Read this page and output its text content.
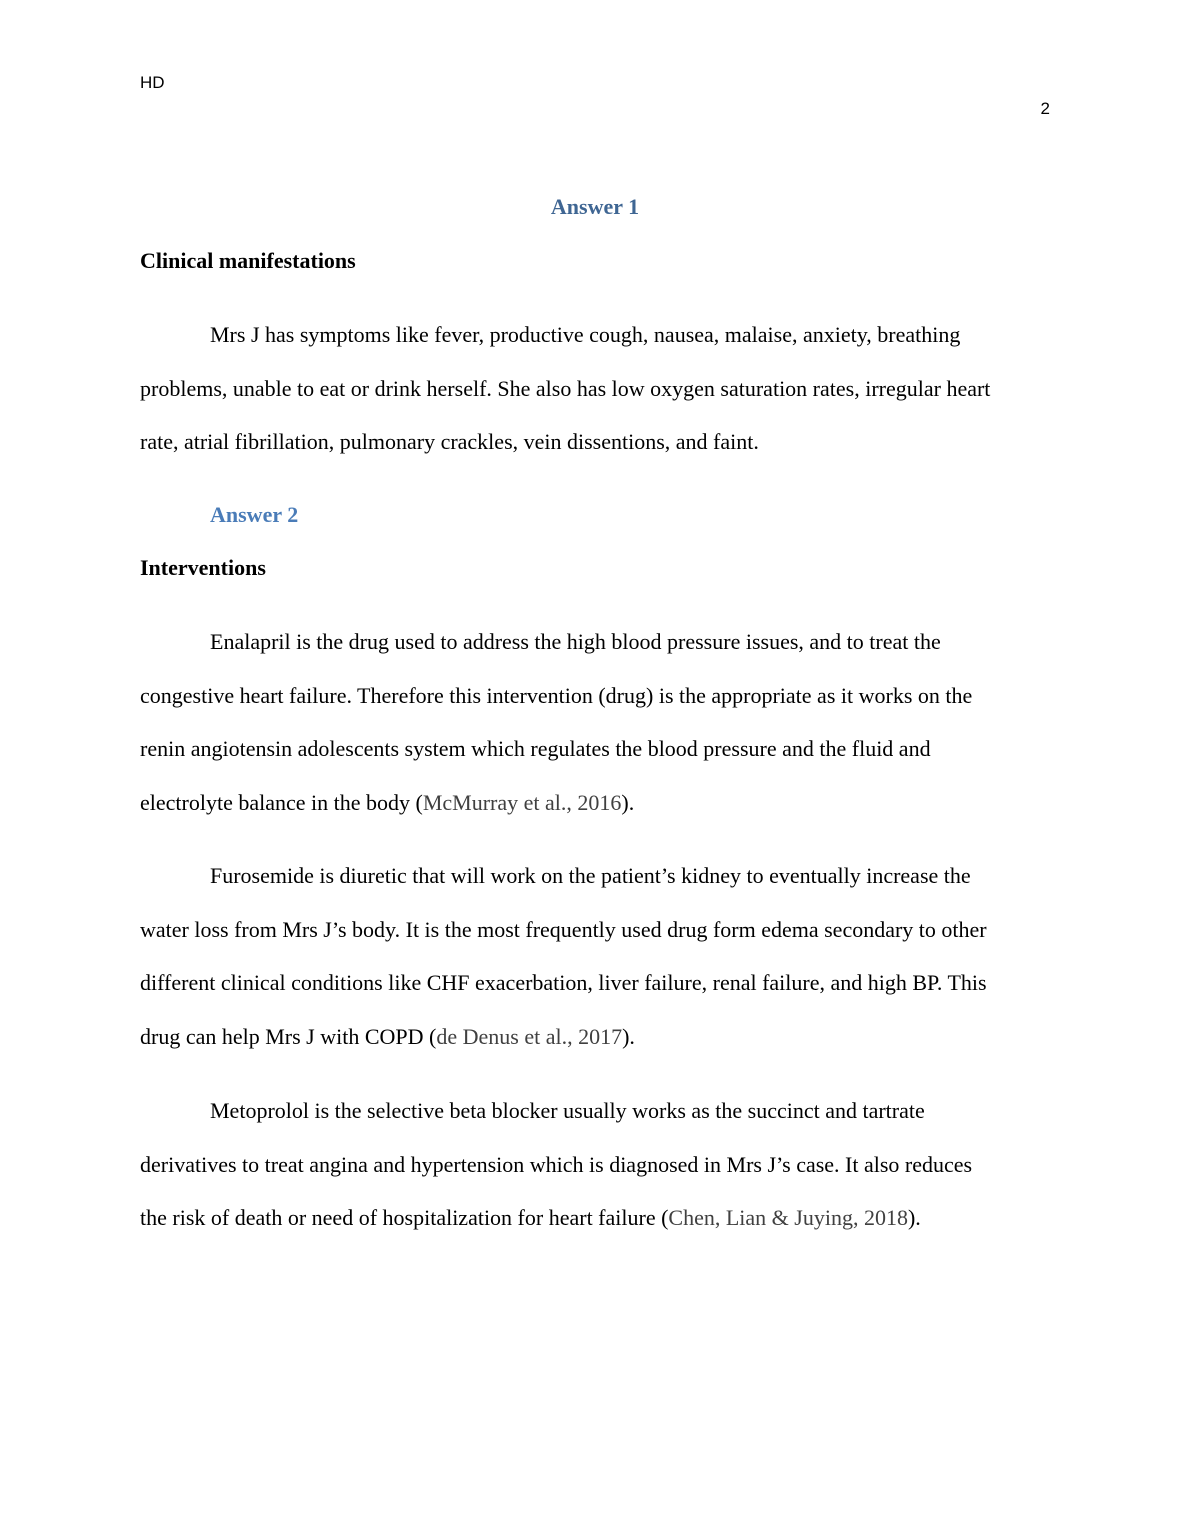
HD
2
Answer 1
Clinical manifestations

Mrs J has symptoms like fever, productive cough, nausea, malaise, anxiety, breathing
problems, unable to eat or drink herself. She also has low oxygen saturation rates, irregular heart
rate, atrial fibrillation, pulmonary crackles, vein dissentions, and faint.

Answer 2
Interventions

Enalapril is the drug used to address the high blood pressure issues, and to treat the
congestive heart failure. Therefore this intervention (drug) is the appropriate as it works on the
renin angiotensin adolescents system which regulates the blood pressure and the fluid and
electrolyte balance in the body (McMurray et al., 2016).

Furosemide is diuretic that will work on the patient’s kidney to eventually increase the
water loss from Mrs J’s body. It is the most frequently used drug form edema secondary to other
different clinical conditions like CHF exacerbation, liver failure, renal failure, and high BP. This
drug can help Mrs J with COPD (de Denus et al., 2017).

Metoprolol is the selective beta blocker usually works as the succinct and tartrate
derivatives to treat angina and hypertension which is diagnosed in Mrs J’s case. It also reduces
the risk of death or need of hospitalization for heart failure (Chen, Lian & Juying, 2018).
